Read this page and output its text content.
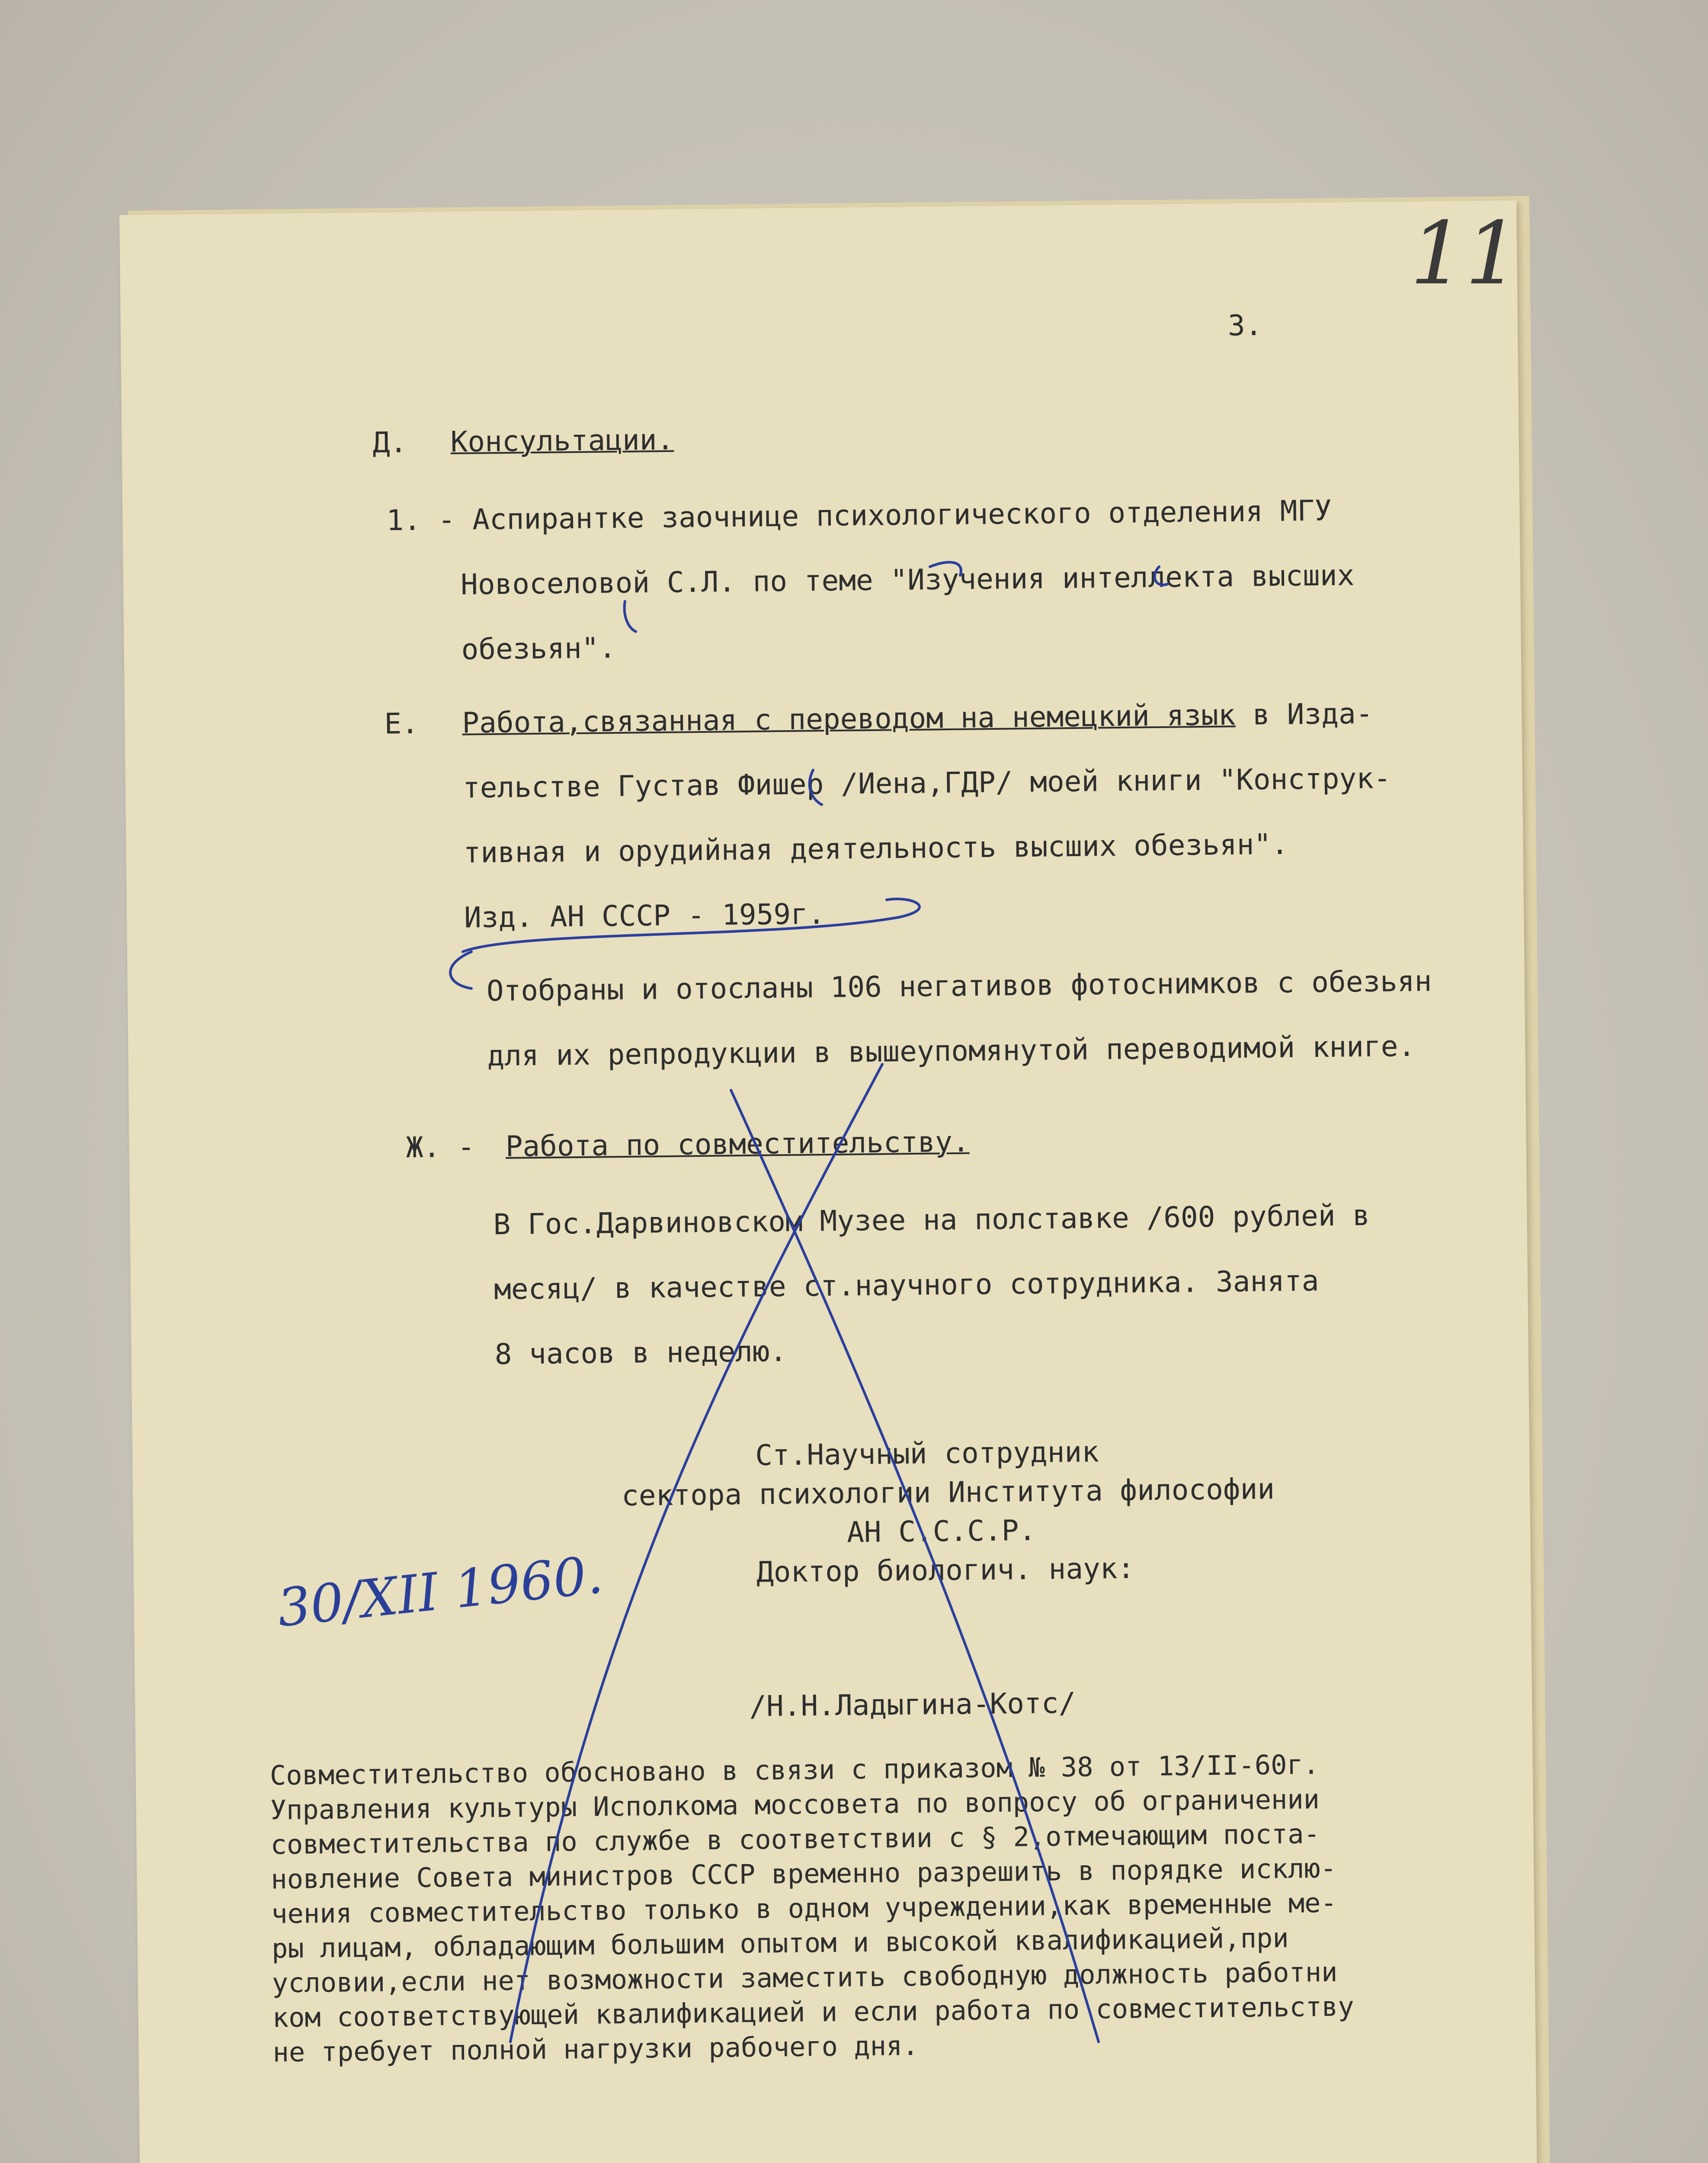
3.
Д. Консультации.
1. - Аспирантке заочнице психологического отделения МГУ
Новоселовой С.Л. по теме "Изучения интеллекта высших
обезьян".
Е. Работа,связанная с переводом на немецкий язык в Изда-
тельстве Густав Фишер /Иена,ГДР/ моей книги "Конструк-
тивная и орудийная деятельность высших обезьян".
Изд. АН СССР - 1959г.
Отобраны и отосланы 106 негативов фотоснимков с обезьян
для их репродукции в вышеупомянутой переводимой книге.
Ж. - Работа по совместительству.
В Гос.Дарвиновском Музее на полставке /600 рублей в
месяц/ в качестве ст.научного сотрудника. Занята
8 часов в неделю.
Ст.Научный сотрудник
сектора психологии Института философии
АН С.С.С.Р.
Доктор биологич. наук:
/Н.Н.Ладыгина-Котс/
Совместительство обосновано в связи с приказом № 38 от 13/II-60г.
Управления культуры Исполкома моссовета по вопросу об ограничении
совместительства по службе в соответствии с § 2,отмечающим поста-
новление Совета министров СССР временно разрешить в порядке исклю-
чения совместительство только в одном учреждении,как временные ме-
ры лицам, обладающим большим опытом и высокой квалификацией,при
условии,если нет возможности заместить свободную должность работни
ком соответствующей квалификацией и если работа по совместительству
не требует полной нагрузки рабочего дня.
11
30/XII 1960.
